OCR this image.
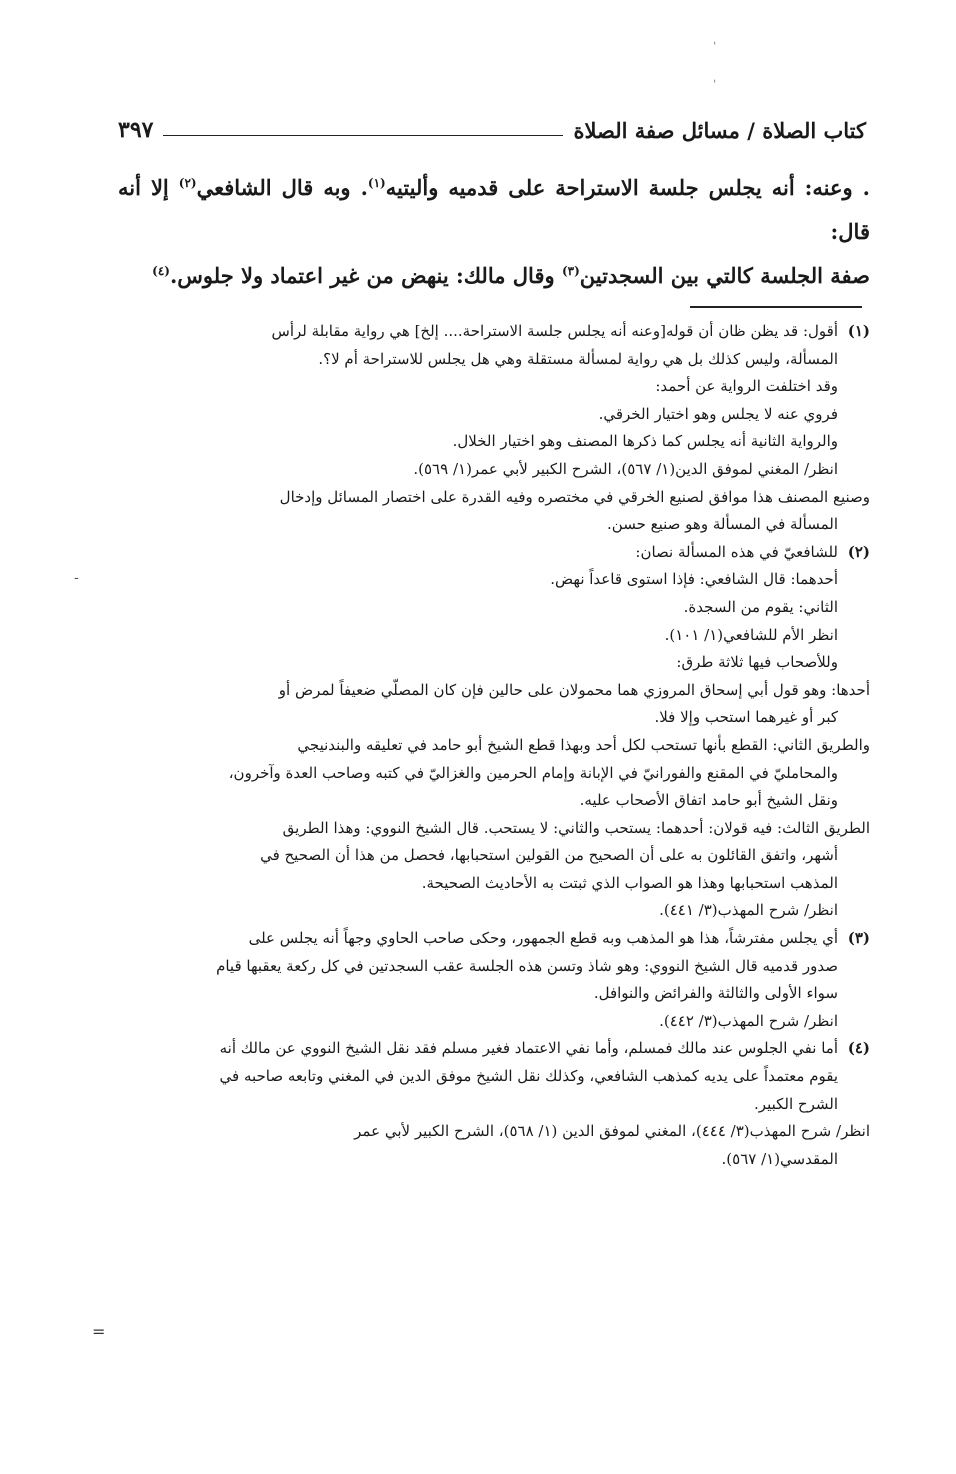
ˈ
ˈ
كتاب الصلاة / مسائل صفة الصلاة
٣٩٧

. وعنه: أنه يجلس جلسة الاستراحة على قدميه وأليتيه$^{(١)}$. وبه قال الشافعي$^{(٢)}$ إلا أنه قال:

صفة الجلسة كالتي بين السجدتين$^{(٣)}$ وقال مالك: ينهض من غير اعتماد ولا جلوس.$^{(٤)}$

(١)
أقول: قد يظن ظان أن قوله[وعنه أنه يجلس جلسة الاستراحة.... إلخ] هي رواية مقابلة لرأس
المسألة، وليس كذلك بل هي رواية لمسألة مستقلة وهي هل يجلس للاستراحة أم لا؟.
وقد اختلفت الرواية عن أحمد:
فروي عنه لا يجلس وهو اختيار الخرقي.
والرواية الثانية أنه يجلس كما ذكرها المصنف وهو اختيار الخلال.
انظر/ المغني لموفق الدين(١/ ٥٦٧)، الشرح الكبير لأبي عمر(١/ ٥٦٩).
وصنيع المصنف هذا موافق لصنيع الخرقي في مختصره وفيه القدرة على اختصار المسائل وإدخال
المسألة في المسألة وهو صنيع حسن.
(٢)
للشافعيّ في هذه المسألة نصان:
أحدهما: قال الشافعي: فإذا استوى قاعداً نهض.
الثاني: يقوم من السجدة.
انظر الأم للشافعي(١/ ١٠١).
وللأصحاب فيها ثلاثة طرق:
أحدها: وهو قول أبي إسحاق المروزي هما محمولان على حالين فإن كان المصلّي ضعيفاً لمرض أو
كبر أو غيرهما استحب وإلا فلا.
والطريق الثاني: القطع بأنها تستحب لكل أحد وبهذا قطع الشيخ أبو حامد في تعليقه والبندنيجي
والمحامليّ في المقنع والفورانيّ في الإبانة وإمام الحرمين والغزاليّ في كتبه وصاحب العدة وآخرون،
ونقل الشيخ أبو حامد اتفاق الأصحاب عليه.
الطريق الثالث: فيه قولان: أحدهما: يستحب والثاني: لا يستحب. قال الشيخ النووي: وهذا الطريق
أشهر، واتفق القائلون به على أن الصحيح من القولين استحبابها، فحصل من هذا أن الصحيح في
المذهب استحبابها وهذا هو الصواب الذي ثبتت به الأحاديث الصحيحة.
انظر/ شرح المهذب(٣/ ٤٤١).
(٣)
أي يجلس مفترشاً، هذا هو المذهب وبه قطع الجمهور، وحكى صاحب الحاوي وجهاً أنه يجلس على
صدور قدميه قال الشيخ النووي: وهو شاذ وتسن هذه الجلسة عقب السجدتين في كل ركعة يعقبها قيام
سواء الأولى والثالثة والفرائض والنوافل.
انظر/ شرح المهذب(٣/ ٤٤٢).
(٤)
أما نفي الجلوس عند مالك فمسلم، وأما نفي الاعتماد فغير مسلم فقد نقل الشيخ النووي عن مالك أنه
يقوم معتمداً على يديه كمذهب الشافعي، وكذلك نقل الشيخ موفق الدين في المغني وتابعه صاحبه في
الشرح الكبير.
انظر/ شرح المهذب(٣/ ٤٤٤)، المغني لموفق الدين (١/ ٥٦٨)، الشرح الكبير لأبي عمر
المقدسي(١/ ٥٦٧).
-
=
